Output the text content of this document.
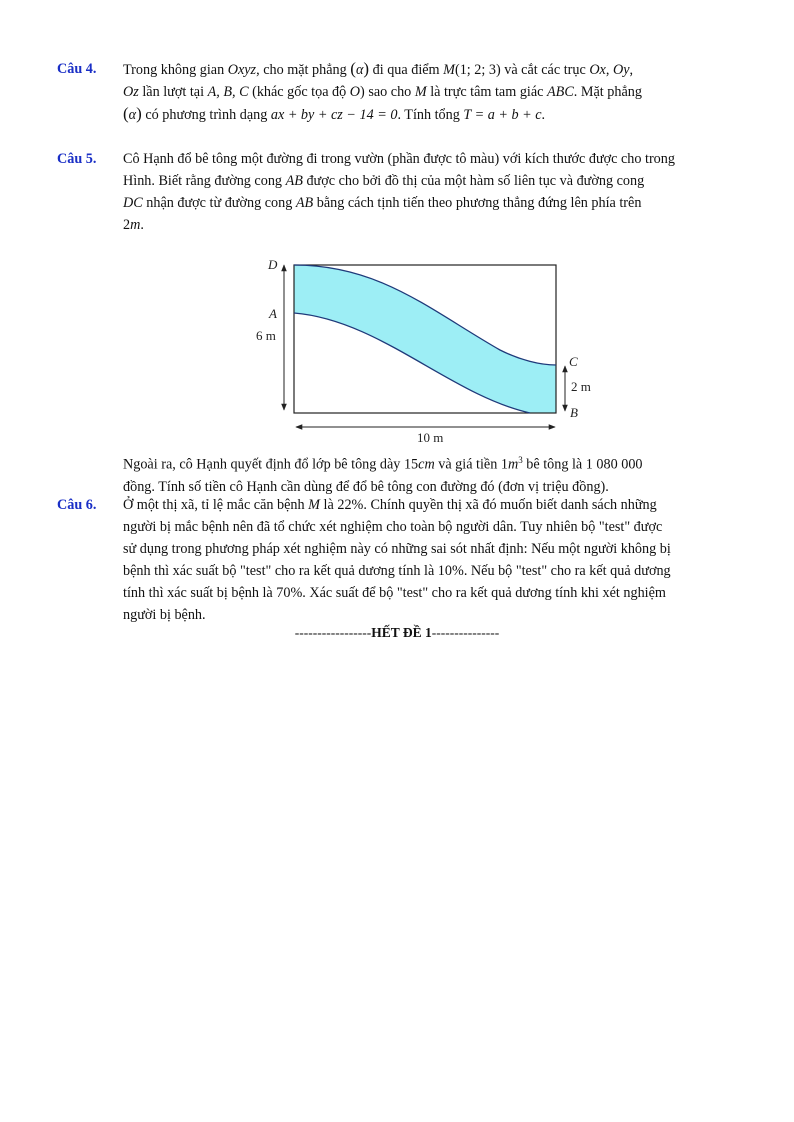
Câu 4. Trong không gian Oxyz, cho mặt phẳng (α) đi qua điểm M(1; 2; 3) và cắt các trục Ox, Oy,
Oz lần lượt tại A, B, C (khác gốc tọa độ O) sao cho M là trực tâm tam giác ABC. Mặt phẳng
(α) có phương trình dạng ax + by + cz − 14 = 0. Tính tổng T = a + b + c.
Câu 5. Cô Hạnh đổ bê tông một đường đi trong vườn (phần được tô màu) với kích thước được cho trong
Hình. Biết rằng đường cong AB được cho bởi đồ thị của một hàm số liên tục và đường cong
DC nhận được từ đường cong AB bằng cách tịnh tiến theo phương thẳng đứng lên phía trên
2m.
D
A
6 m
C
2 m
B
10 m
Ngoài ra, cô Hạnh quyết định đổ lớp bê tông dày 15cm và giá tiền $1m^3$ bê tông là 1 080 000
đồng. Tính số tiền cô Hạnh cần dùng để đổ bê tông con đường đó (đơn vị triệu đồng).
Câu 6. Ở một thị xã, tỉ lệ mắc căn bệnh M là 22%. Chính quyền thị xã đó muốn biết danh sách những
người bị mắc bệnh nên đã tổ chức xét nghiệm cho toàn bộ người dân. Tuy nhiên bộ "test" được
sử dụng trong phương pháp xét nghiệm này có những sai sót nhất định: Nếu một người không bị
bệnh thì xác suất bộ "test" cho ra kết quả dương tính là 10%. Nếu bộ "test" cho ra kết quả dương
tính thì xác suất bị bệnh là 70%. Xác suất để bộ "test" cho ra kết quả dương tính khi xét nghiệm
người bị bệnh.
-----------------HẾT ĐỀ 1---------------
